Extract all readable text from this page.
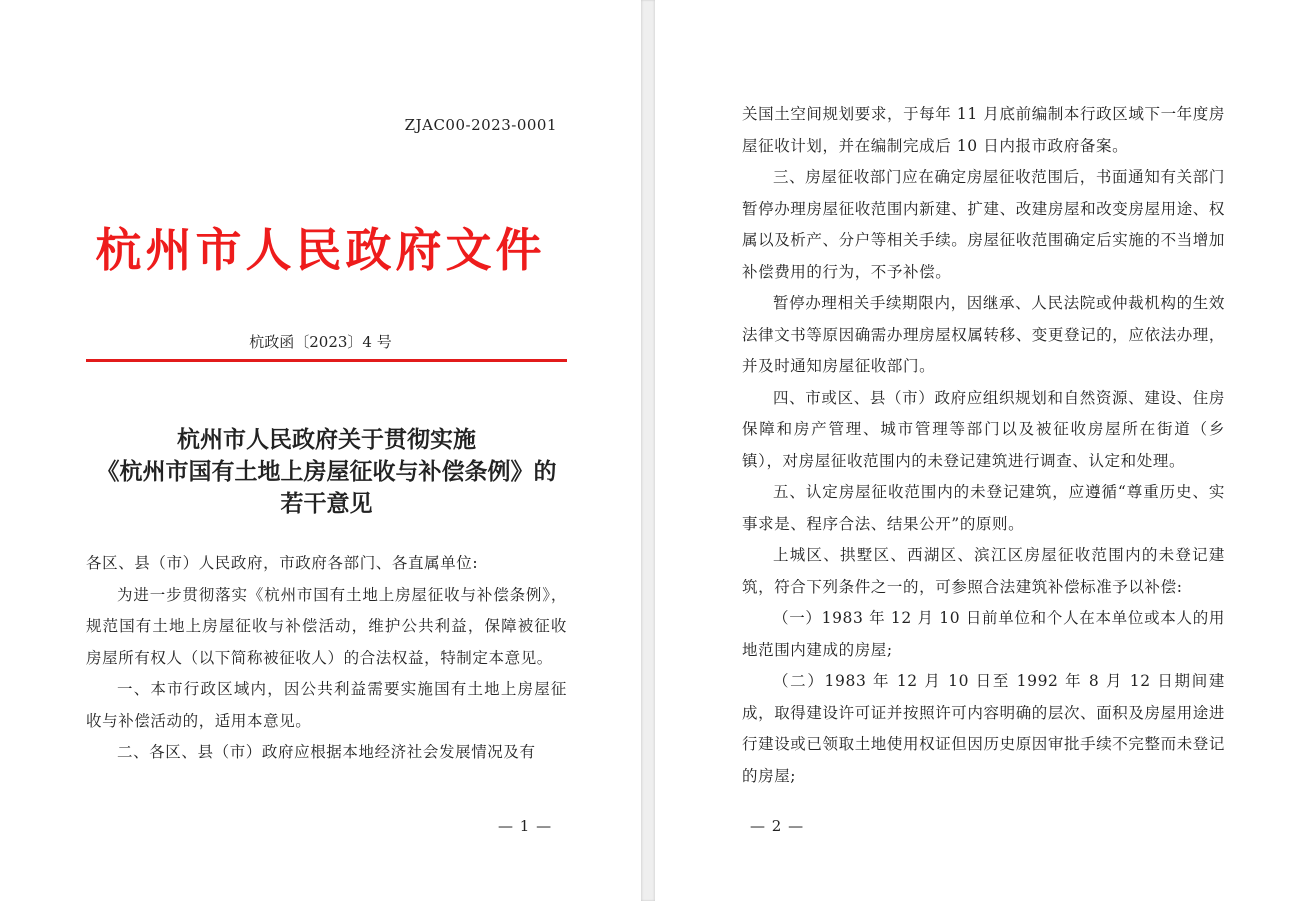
ZJAC00-2023-0001
杭州市人民政府文件
杭政函〔2023〕4 号
杭州市人民政府关于贯彻实施
《杭州市国有土地上房屋征收与补偿条例》的
若干意见

各区、县（市）人民政府，市政府各部门、各直属单位:

为进一步贯彻落实《杭州市国有土地上房屋征收与补偿条例》，规范国有土地上房屋征收与补偿活动，维护公共利益，保障被征收房屋所有权人（以下简称被征收人）的合法权益，特制定本意见。

一、本市行政区域内，因公共利益需要实施国有土地上房屋征收与补偿活动的，适用本意见。

二、各区、县（市）政府应根据本地经济社会发展情况及有

— 1 —

关国土空间规划要求，于每年 11 月底前编制本行政区域下一年度房屋征收计划，并在编制完成后 10 日内报市政府备案。

三、房屋征收部门应在确定房屋征收范围后，书面通知有关部门暂停办理房屋征收范围内新建、扩建、改建房屋和改变房屋用途、权属以及析产、分户等相关手续。房屋征收范围确定后实施的不当增加补偿费用的行为，不予补偿。

暂停办理相关手续期限内，因继承、人民法院或仲裁机构的生效法律文书等原因确需办理房屋权属转移、变更登记的，应依法办理，并及时通知房屋征收部门。

四、市或区、县（市）政府应组织规划和自然资源、建设、住房保障和房产管理、城市管理等部门以及被征收房屋所在街道（乡镇），对房屋征收范围内的未登记建筑进行调查、认定和处理。

五、认定房屋征收范围内的未登记建筑，应遵循“尊重历史、实事求是、程序合法、结果公开”的原则。

上城区、拱墅区、西湖区、滨江区房屋征收范围内的未登记建筑，符合下列条件之一的，可参照合法建筑补偿标准予以补偿:

（一）1983 年 12 月 10 日前单位和个人在本单位或本人的用地范围内建成的房屋;

（二）1983 年 12 月 10 日至 1992 年 8 月 12 日期间建成，取得建设许可证并按照许可内容明确的层次、面积及房屋用途进行建设或已领取土地使用权证但因历史原因审批手续不完整而未登记的房屋;

— 2 —
